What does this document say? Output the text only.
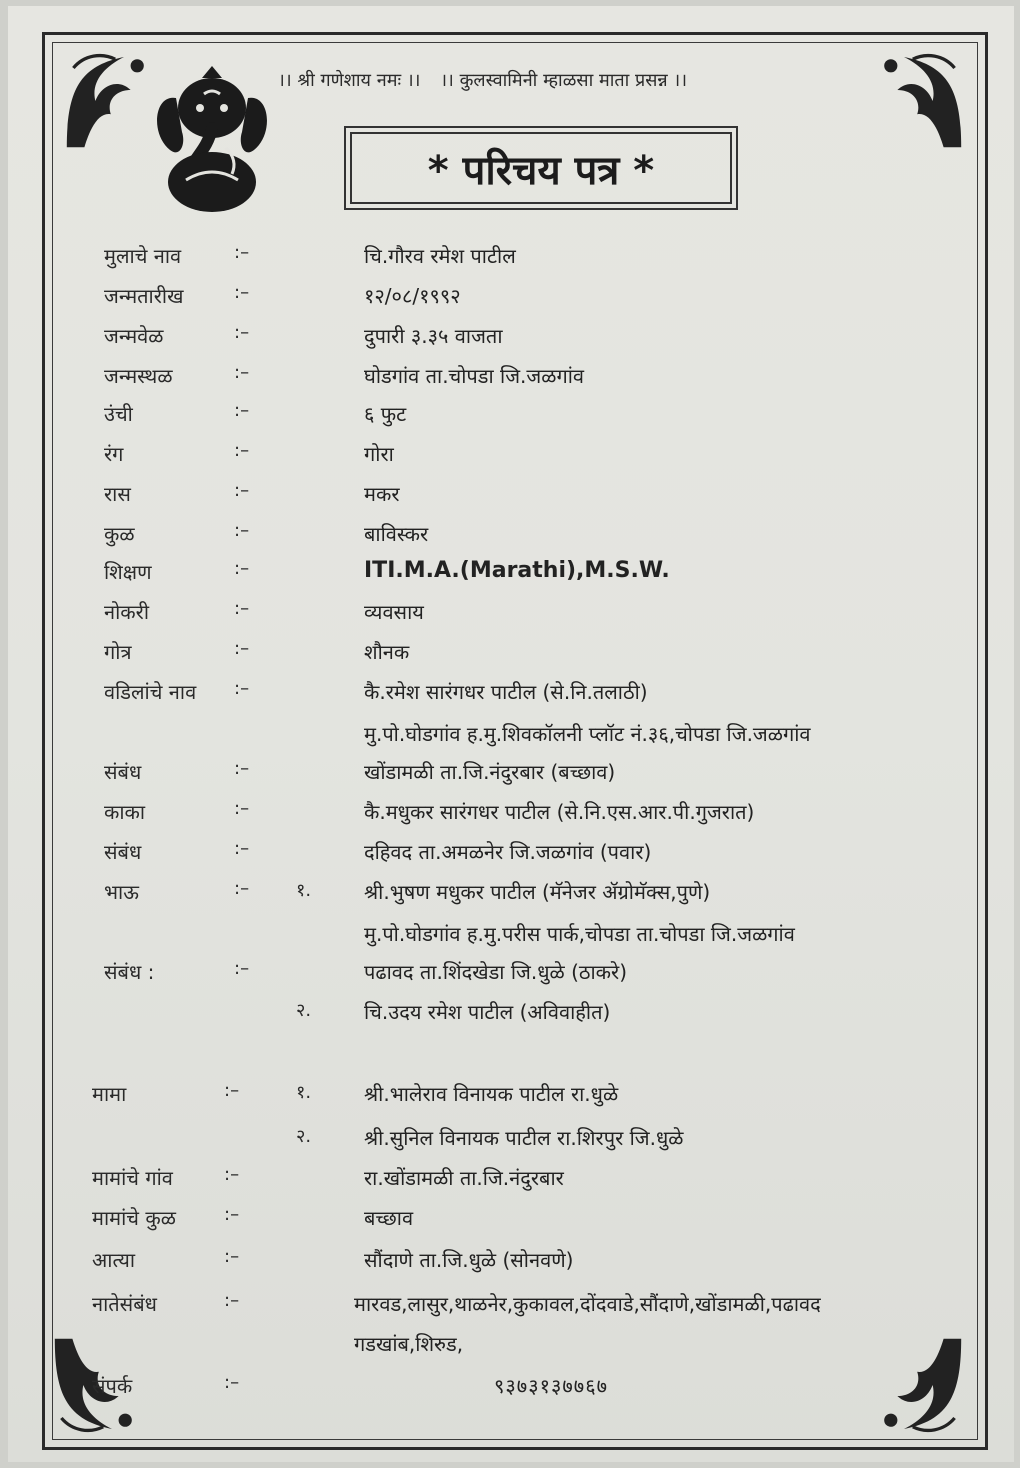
।। श्री गणेशाय नमः ।। ।। कुलस्वामिनी म्हाळसा माता प्रसन्न ।।
* परिचय पत्र *
मुलाचे नाव	:–	चि.गौरव रमेश पाटील
जन्मतारीख	:–	१२/०८/१९९२
जन्मवेळ	:–	दुपारी ३.३५ वाजता
जन्मस्थळ	:–	घोडगांव ता.चोपडा जि.जळगांव
उंची	:–	६ फुट
रंग	:–	गोरा
रास	:–	मकर
कुळ	:–	बाविस्कर
शिक्षण	:–	ITI.M.A.(Marathi),M.S.W.
नोकरी	:–	व्यवसाय
गोत्र	:–	शौनक
वडिलांचे नाव :–	कै.रमेश सारंगधर पाटील (से.नि.तलाठी)
मु.पो.घोडगांव ह.मु.शिवकॉलनी प्लॉट नं.३६,चोपडा जि.जळगांव
संबंध	:–	खोंडामळी ता.जि.नंदुरबार (बच्छाव)
काका	:–	कै.मधुकर सारंगधर पाटील (से.नि.एस.आर.पी.गुजरात)
संबंध	:–	दहिवद ता.अमळनेर जि.जळगांव (पवार)
भाऊ	:–	१.	श्री.भुषण मधुकर पाटील (मॅनेजर ॲग्रोमॅक्स,पुणे)
मु.पो.घोडगांव ह.मु.परीस पार्क,चोपडा ता.चोपडा जि.जळगांव
संबंध :	:–	पढावद ता.शिंदखेडा जि.धुळे (ठाकरे)
२.	चि.उदय रमेश पाटील (अविवाहीत)
मामा	:–	१.	श्री.भालेराव विनायक पाटील रा.धुळे
२.	श्री.सुनिल विनायक पाटील रा.शिरपुर जि.धुळे
मामांचे गांव	:–	रा.खोंडामळी ता.जि.नंदुरबार
मामांचे कुळ	:–	बच्छाव
आत्या	:–	सौंदाणे ता.जि.धुळे (सोनवणे)
नातेसंबंध	:–	मारवड,लासुर,थाळनेर,कुकावल,दोंदवाडे,सौंदाणे,खोंडामळी,पढावद
गडखांब,शिरुड,
संपर्क	:–	९३७३१३७७६७
